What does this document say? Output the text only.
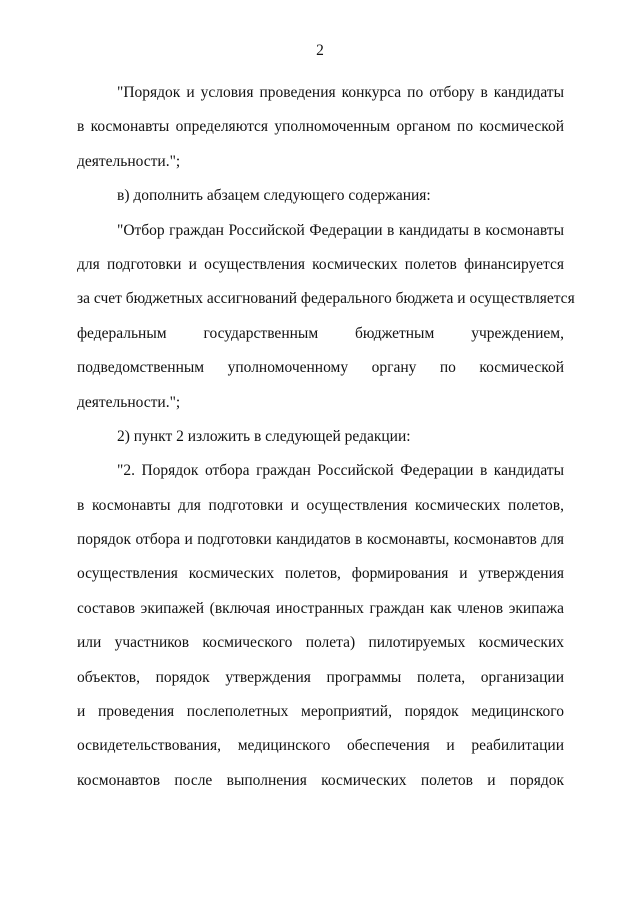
2
"Порядок и условия проведения конкурса по отбору в кандидаты
в космонавты определяются уполномоченным органом по космической
деятельности.";
в) дополнить абзацем следующего содержания:
"Отбор граждан Российской Федерации в кандидаты в космонавты
для подготовки и осуществления космических полетов финансируется
за счет бюджетных ассигнований федерального бюджета и осуществляется
федеральным государственным бюджетным учреждением,
подведомственным уполномоченному органу по космической
деятельности.";
2) пункт 2 изложить в следующей редакции:
"2. Порядок отбора граждан Российской Федерации в кандидаты
в космонавты для подготовки и осуществления космических полетов,
порядок отбора и подготовки кандидатов в космонавты, космонавтов для
осуществления космических полетов, формирования и утверждения
составов экипажей (включая иностранных граждан как членов экипажа
или участников космического полета) пилотируемых космических
объектов, порядок утверждения программы полета, организации
и проведения послеполетных мероприятий, порядок медицинского
освидетельствования, медицинского обеспечения и реабилитации
космонавтов после выполнения космических полетов и порядок
